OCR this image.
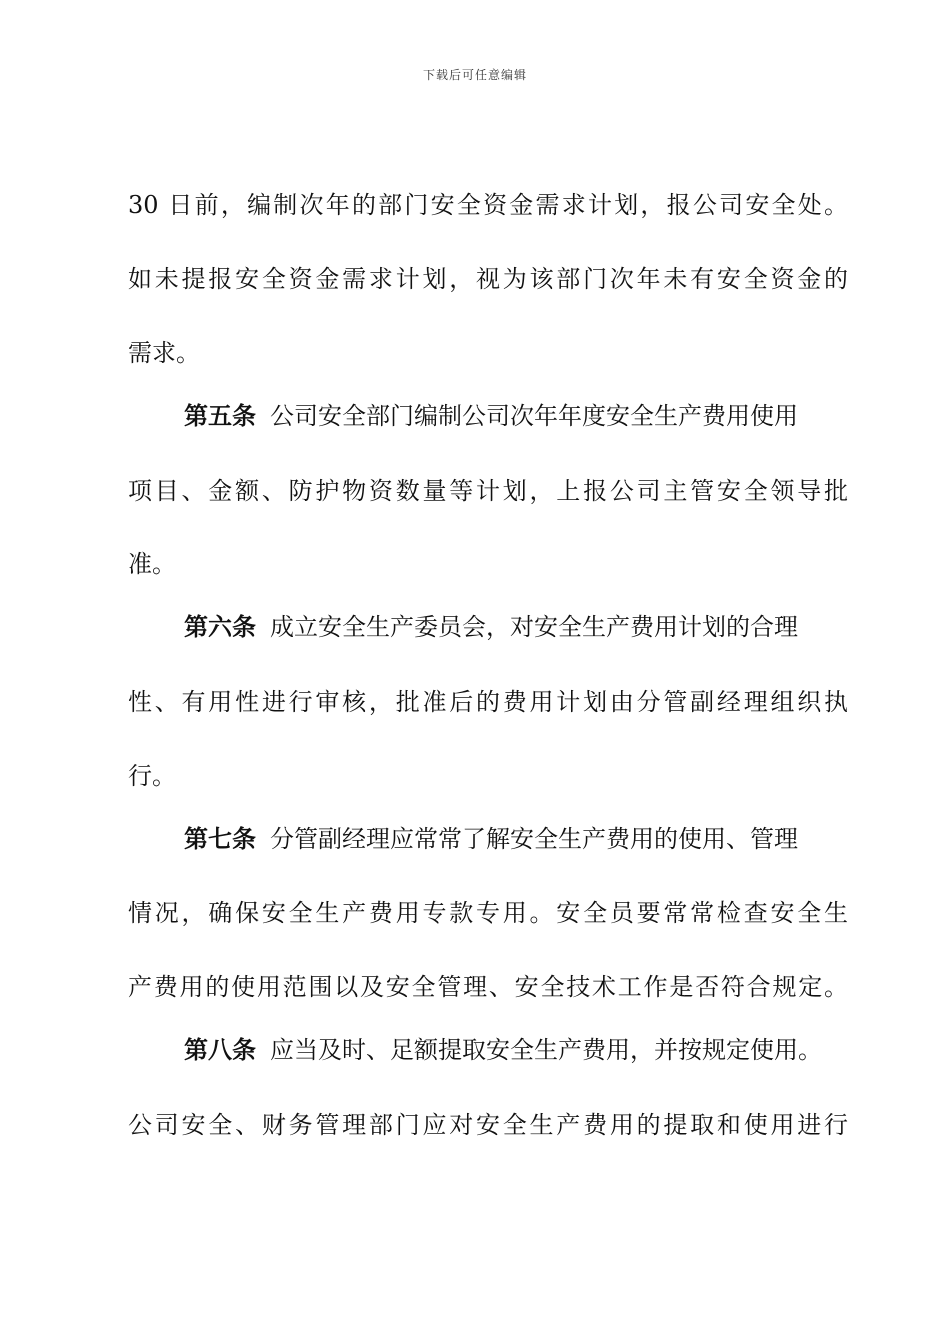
下载后可任意编辑
30 日前，编制次年的部门安全资金需求计划，报公司安全处。
如未提报安全资金需求计划，视为该部门次年未有安全资金的
需求。
第五条 公司安全部门编制公司次年年度安全生产费用使用
项目、金额、防护物资数量等计划，上报公司主管安全领导批
准。
第六条 成立安全生产委员会，对安全生产费用计划的合理
性、有用性进行审核，批准后的费用计划由分管副经理组织执
行。
第七条 分管副经理应常常了解安全生产费用的使用、管理
情况，确保安全生产费用专款专用。安全员要常常检查安全生
产费用的使用范围以及安全管理、安全技术工作是否符合规定。
第八条 应当及时、足额提取安全生产费用，并按规定使用。
公司安全、财务管理部门应对安全生产费用的提取和使用进行
